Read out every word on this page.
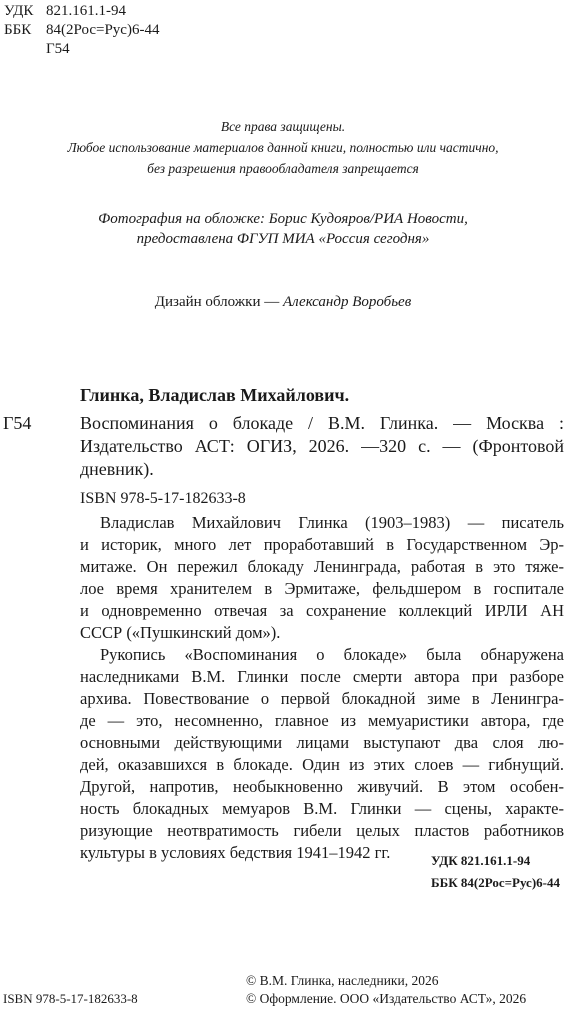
УДК 821.161.1-94
ББК 84(2Рос=Рус)6-44
Г54
Все права защищены.
Любое использование материалов данной книги, полностью или частично,
без разрешения правообладателя запрещается
Фотография на обложке: Борис Кудояров/РИА Новости,
предоставлена ФГУП МИА «Россия сегодня»
Дизайн обложки — Александр Воробьев
Глинка, Владислав Михайлович.
Г54	Воспоминания о блокаде / В.М. Глинка. — Москва :
Издательство АСТ: ОГИЗ, 2026. —320 с. — (Фронтовой
дневник).
ISBN 978-5-17-182633-8
Владислав Михайлович Глинка (1903–1983) — писатель
и историк, много лет проработавший в Государственном Эр-
митаже. Он пережил блокаду Ленинграда, работая в это тяже-
лое время хранителем в Эрмитаже, фельдшером в госпитале
и одновременно отвечая за сохранение коллекций ИРЛИ АН
СССР («Пушкинский дом»).
Рукопись «Воспоминания о блокаде» была обнаружена
наследниками В.М. Глинки после смерти автора при разборе
архива. Повествование о первой блокадной зиме в Ленингра-
де — это, несомненно, главное из мемуаристики автора, где
основными действующими лицами выступают два слоя лю-
дей, оказавшихся в блокаде. Один из этих слоев — гибнущий.
Другой, напротив, необыкновенно живучий. В этом особен-
ность блокадных мемуаров В.М. Глинки — сцены, характе-
ризующие неотвратимость гибели целых пластов работников
культуры в условиях бедствия 1941–1942 гг.	УДК 821.161.1-94
ББК 84(2Рос=Рус)6-44
ISBN 978-5-17-182633-8
© В.М. Глинка, наследники, 2026
© Оформление. ООО «Издательство АСТ», 2026
